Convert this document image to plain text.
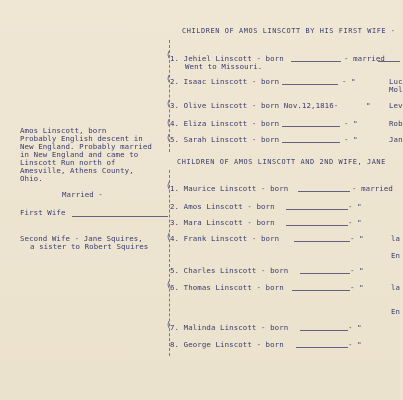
CHILDREN OF AMOS LINSCOTT BY HIS FIRST WIFE -
CHILDREN OF AMOS LINSCOTT AND 2ND WIFE, JANE
Amos Linscott, born
Probably English descent in
New England. Probably married
in New England and came to
Linscott Run north of
Amesville, Athens County,
Ohio.
Married -
First Wife
Second Wife - Jane Squires,
a sister to Robert Squires
(
(
(
(
(
(
(
(
(
1. Jehiel Linscott - born	- married
Went to Missouri.
2. Isaac Linscott - born	- "	Luc
Mol
3. Olive Linscott - born Nov.12,1816-	" Lev
4. Eliza Linscott - born	- "	Rob
5. Sarah Linscott - born	- "	Jan
1. Maurice Linscott - born	- married
2. Amos Linscott - born	- "
3. Mara Linscott - born	- "
4. Frank Linscott - born	- "	la
En
5. Charles Linscott - born	- "
6. Thomas Linscott - born	- "	la
En
7. Malinda Linscott - born	- "
8. George Linscott - born	- "
